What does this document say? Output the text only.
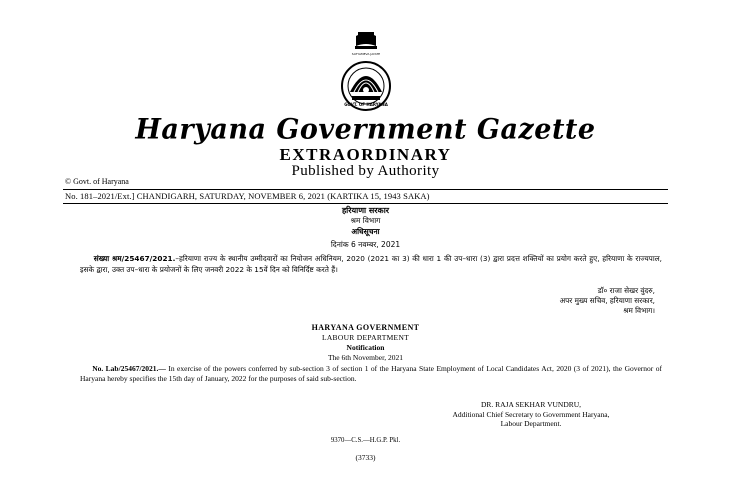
SATYAMEVA JAYATE
GOVT. OF HARYANA
Haryana Government Gazette
EXTRAORDINARY
Published by Authority
© Govt. of Haryana
No. 181–2021/Ext.] CHANDIGARH, SATURDAY, NOVEMBER 6, 2021 (KARTIKA 15, 1943 SAKA)
हरियाणा सरकार
श्रम विभाग
अधिसूचना
दिनांक 6 नवम्बर, 2021
संख्या श्रम/25467/2021.–हरियाणा राज्य के स्थानीय उम्मीदवारों का नियोजन अधिनियम, 2020 (2021 का 3) की धारा 1 की उप–धारा (3) द्वारा प्रदत्त शक्तियों का प्रयोग करते हुए, हरियाणा के राज्यपाल, इसके द्वारा, उक्त उप–धारा के प्रयोजनों के लिए जनवरी 2022 के 15वें दिन को विनिर्दिष्ट करते हैं।
डॉ० राजा सेखर वुंदरु,
अपर मुख्य सचिव, हरियाणा सरकार,
श्रम विभाग।
HARYANA GOVERNMENT
LABOUR DEPARTMENT
Notification
The 6th November, 2021
No. Lab/25467/2021.— In exercise of the powers conferred by sub-section 3 of section 1 of the Haryana State Employment of Local Candidates Act, 2020 (3 of 2021), the Governor of Haryana hereby specifies the 15th day of January, 2022 for the purposes of said sub-section.
DR. RAJA SEKHAR VUNDRU,
Additional Chief Secretary to Government Haryana,
Labour Department.
9370—C.S.—H.G.P. Pkl.
(3733)
